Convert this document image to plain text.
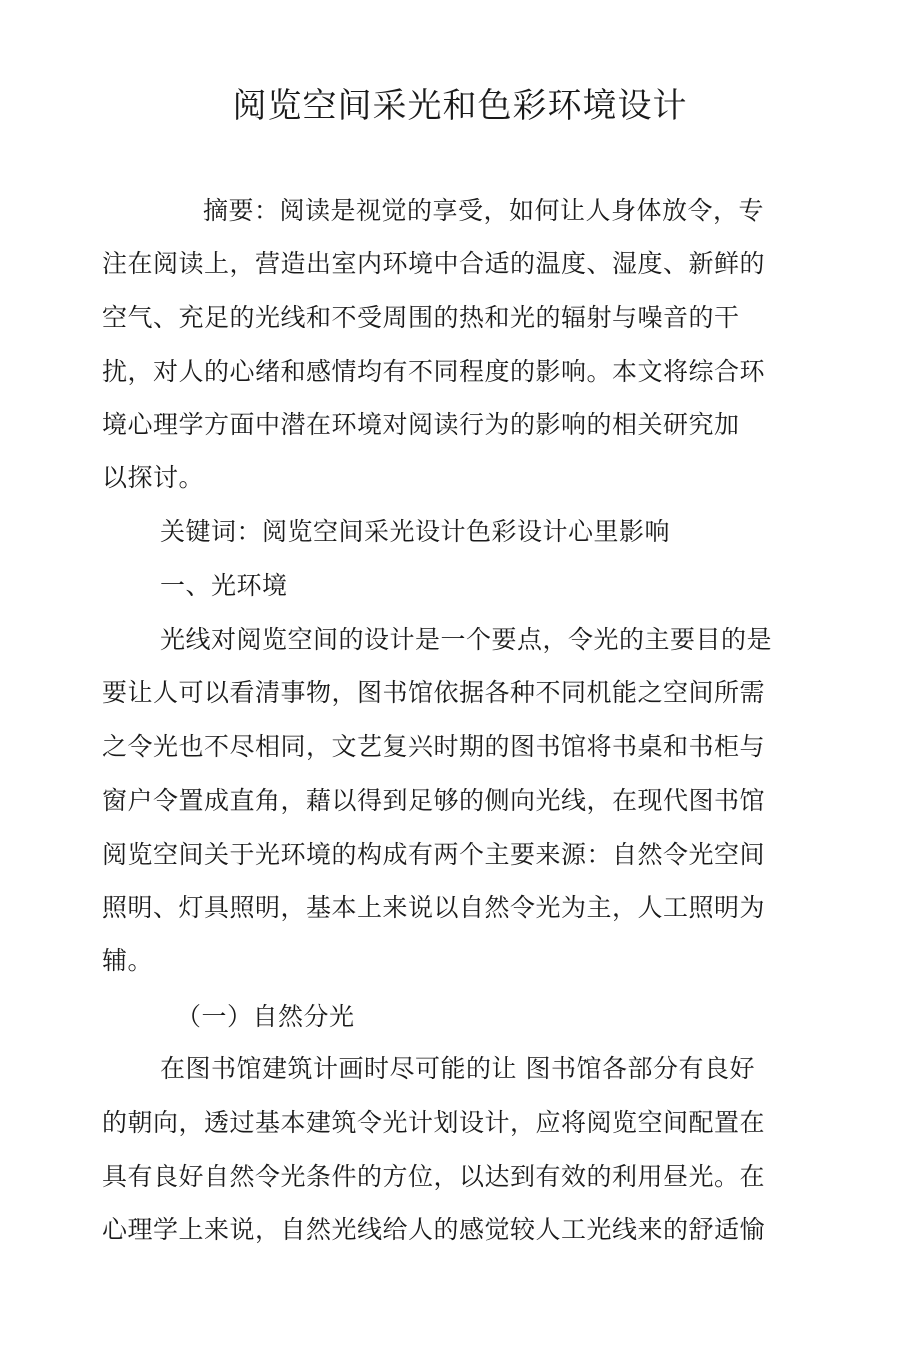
阅览空间采光和色彩环境设计

摘要：阅读是视觉的享受，如何让人身体放令，专

注在阅读上，营造出室内环境中合适的温度、湿度、新鲜的

空气、充足的光线和不受周围的热和光的辐射与噪音的干

扰，对人的心绪和感情均有不同程度的影响。本文将综合环

境心理学方面中潜在环境对阅读行为的影响的相关研究加

以探讨。

关键词：阅览空间采光设计色彩设计心里影响

一、光环境

光线对阅览空间的设计是一个要点，令光的主要目的是

要让人可以看清事物，图书馆依据各种不同机能之空间所需

之令光也不尽相同，文艺复兴时期的图书馆将书桌和书柜与

窗户令置成直角，藉以得到足够的侧向光线，在现代图书馆

阅览空间关于光环境的构成有两个主要来源：自然令光空间

照明、灯具照明，基本上来说以自然令光为主，人工照明为

辅。

（一）自然分光

在图书馆建筑计画时尽可能的让 图书馆各部分有良好

的朝向，透过基本建筑令光计划设计，应将阅览空间配置在

具有良好自然令光条件的方位，以达到有效的利用昼光。在

心理学上来说，自然光线给人的感觉较人工光线来的舒适愉
